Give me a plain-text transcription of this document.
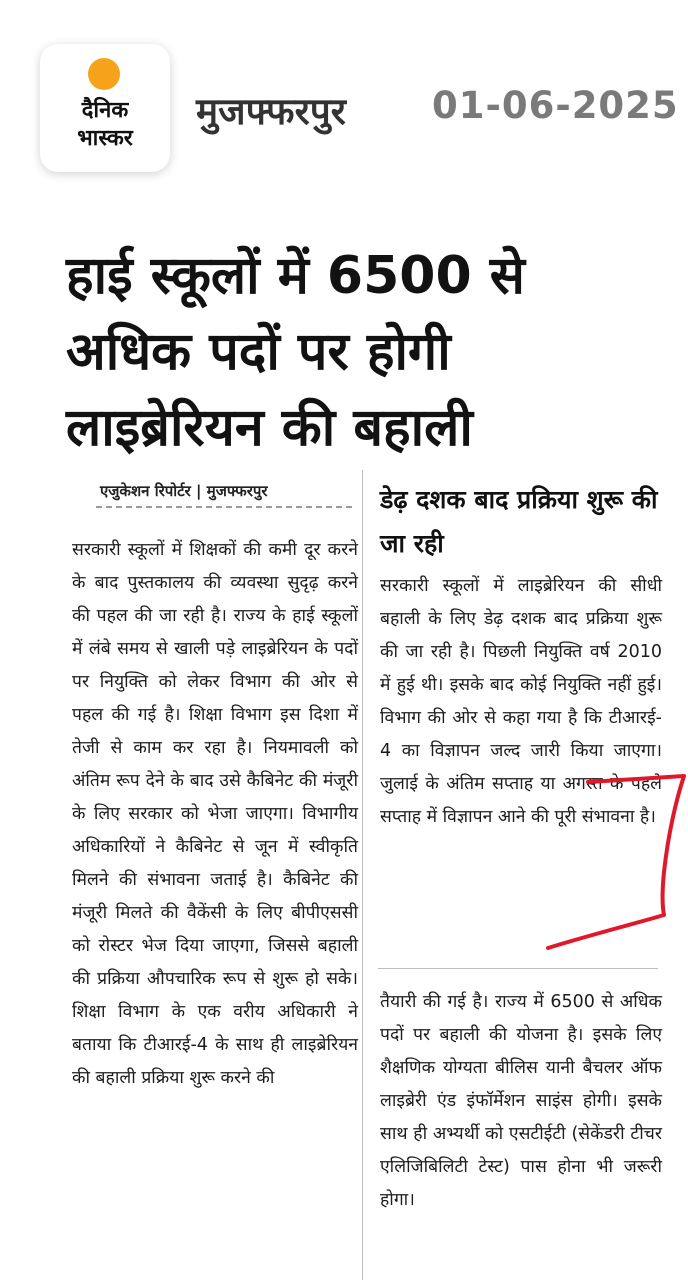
दैनिक
भास्कर
मुजफ्फरपुर 01-06-2025
हाई स्कूलों में 6500 से
अधिक पदों पर होगी
लाइब्रेरियन की बहाली
एजुकेशन रिपोर्टर | मुजफ्फरपुर
सरकारी स्कूलों में शिक्षकों की कमी दूर करने के बाद पुस्तकालय की व्यवस्था सुदृढ़ करने की पहल की जा रही है। राज्य के हाई स्कूलों में लंबे समय से खाली पड़े लाइब्रेरियन के पदों पर नियुक्ति को लेकर विभाग की ओर से पहल की गई है। शिक्षा विभाग इस दिशा में तेजी से काम कर रहा है। नियमावली को अंतिम रूप देने के बाद उसे कैबिनेट की मंजूरी के लिए सरकार को भेजा जाएगा। विभागीय अधिकारियों ने कैबिनेट से जून में स्वीकृति मिलने की संभावना जताई है। कैबिनेट की मंजूरी मिलते की वैकेंसी के लिए बीपीएससी को रोस्टर भेज दिया जाएगा, जिससे बहाली की प्रक्रिया औपचारिक रूप से शुरू हो सके। शिक्षा विभाग के एक वरीय अधिकारी ने बताया कि टीआरई-4 के साथ ही लाइब्रेरियन की बहाली प्रक्रिया शुरू करने की
डेढ़ दशक बाद प्रक्रिया शुरू की जा रही
सरकारी स्कूलों में लाइब्रेरियन की सीधी बहाली के लिए डेढ़ दशक बाद प्रक्रिया शुरू की जा रही है। पिछली नियुक्ति वर्ष 2010 में हुई थी। इसके बाद कोई नियुक्ति नहीं हुई। विभाग की ओर से कहा गया है कि टीआरई- 4 का विज्ञापन जल्द जारी किया जाएगा। जुलाई के अंतिम सप्ताह या अगस्त के पहले सप्ताह में विज्ञापन आने की पूरी संभावना है।
तैयारी की गई है। राज्य में 6500 से अधिक पदों पर बहाली की योजना है। इसके लिए शैक्षणिक योग्यता बीलिस यानी बैचलर ऑफ लाइब्रेरी एंड इंफॉर्मेशन साइंस होगी। इसके साथ ही अभ्यर्थी को एसटीईटी (सेकेंडरी टीचर एलिजिबिलिटी टेस्ट) पास होना भी जरूरी होगा।
